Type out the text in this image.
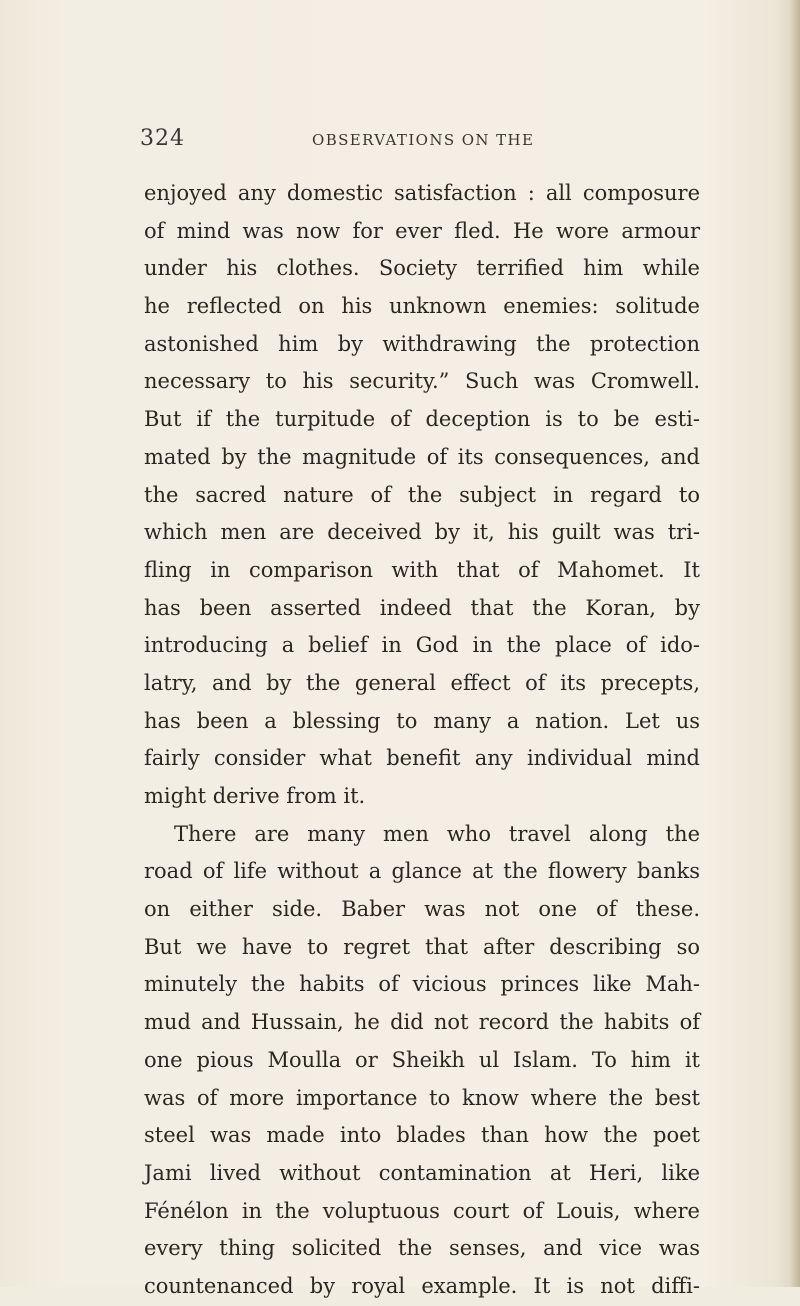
324	OBSERVATIONS ON THE
enjoyed any domestic satisfaction : all composure
of mind was now for ever fled. He wore armour
under his clothes. Society terrified him while
he reflected on his unknown enemies: solitude
astonished him by withdrawing the protection
necessary to his security.” Such was Cromwell.
But if the turpitude of deception is to be esti-
mated by the magnitude of its consequences, and
the sacred nature of the subject in regard to
which men are deceived by it, his guilt was tri-
fling in comparison with that of Mahomet. It
has been asserted indeed that the Koran, by
introducing a belief in God in the place of ido-
latry, and by the general effect of its precepts,
has been a blessing to many a nation. Let us
fairly consider what benefit any individual mind
might derive from it.
There are many men who travel along the
road of life without a glance at the flowery banks
on either side. Baber was not one of these.
But we have to regret that after describing so
minutely the habits of vicious princes like Mah-
mud and Hussain, he did not record the habits of
one pious Moulla or Sheikh ul Islam. To him it
was of more importance to know where the best
steel was made into blades than how the poet
Jami lived without contamination at Heri, like
Fénélon in the voluptuous court of Louis, where
every thing solicited the senses, and vice was
countenanced by royal example. It is not diffi-
